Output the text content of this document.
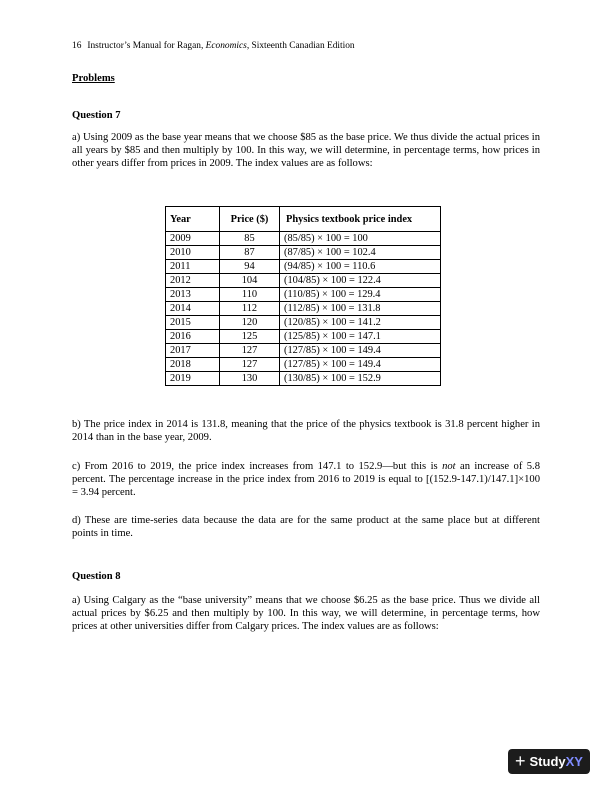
16 Instructor’s Manual for Ragan, Economics, Sixteenth Canadian Edition
Problems
Question 7

a) Using 2009 as the base year means that we choose $85 as the base price. We thus divide the actual prices in all years by $85 and then multiply by 100. In this way, we will determine, in percentage terms, how prices in other years differ from prices in 2009. The index values are as follows:

Year	Price ($)	Physics textbook price index
2009	85	(85/85) × 100 = 100
2010	87	(87/85) × 100 = 102.4
2011	94	(94/85) × 100 = 110.6
2012	104	(104/85) × 100 = 122.4
2013	110	(110/85) × 100 = 129.4
2014	112	(112/85) × 100 = 131.8
2015	120	(120/85) × 100 = 141.2
2016	125	(125/85) × 100 = 147.1
2017	127	(127/85) × 100 = 149.4
2018	127	(127/85) × 100 = 149.4
2019	130	(130/85) × 100 = 152.9

b) The price index in 2014 is 131.8, meaning that the price of the physics textbook is 31.8 percent higher in 2014 than in the base year, 2009.

c) From 2016 to 2019, the price index increases from 147.1 to 152.9—but this is not an increase of 5.8 percent. The percentage increase in the price index from 2016 to 2019 is equal to [(152.9-147.1)/147.1]×100 = 3.94 percent.

d) These are time-series data because the data are for the same product at the same place but at different points in time.

Question 8

a) Using Calgary as the “base university” means that we choose $6.25 as the base price. Thus we divide all actual prices by $6.25 and then multiply by 100. In this way, we will determine, in percentage terms, how prices at other universities differ from Calgary prices. The index values are as follows:

+ StudyXY
